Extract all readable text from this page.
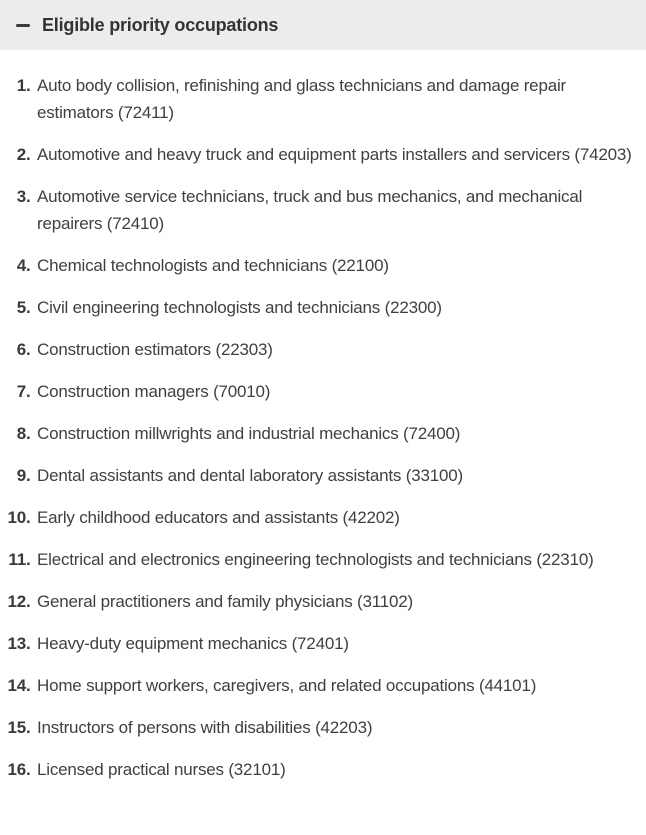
Eligible priority occupations
1. Auto body collision, refinishing and glass technicians and damage repair estimators (72411)
2. Automotive and heavy truck and equipment parts installers and servicers (74203)
3. Automotive service technicians, truck and bus mechanics, and mechanical repairers (72410)
4. Chemical technologists and technicians (22100)
5. Civil engineering technologists and technicians (22300)
6. Construction estimators (22303)
7. Construction managers (70010)
8. Construction millwrights and industrial mechanics (72400)
9. Dental assistants and dental laboratory assistants (33100)
10. Early childhood educators and assistants (42202)
11. Electrical and electronics engineering technologists and technicians (22310)
12. General practitioners and family physicians (31102)
13. Heavy-duty equipment mechanics (72401)
14. Home support workers, caregivers, and related occupations (44101)
15. Instructors of persons with disabilities (42203)
16. Licensed practical nurses (32101)
